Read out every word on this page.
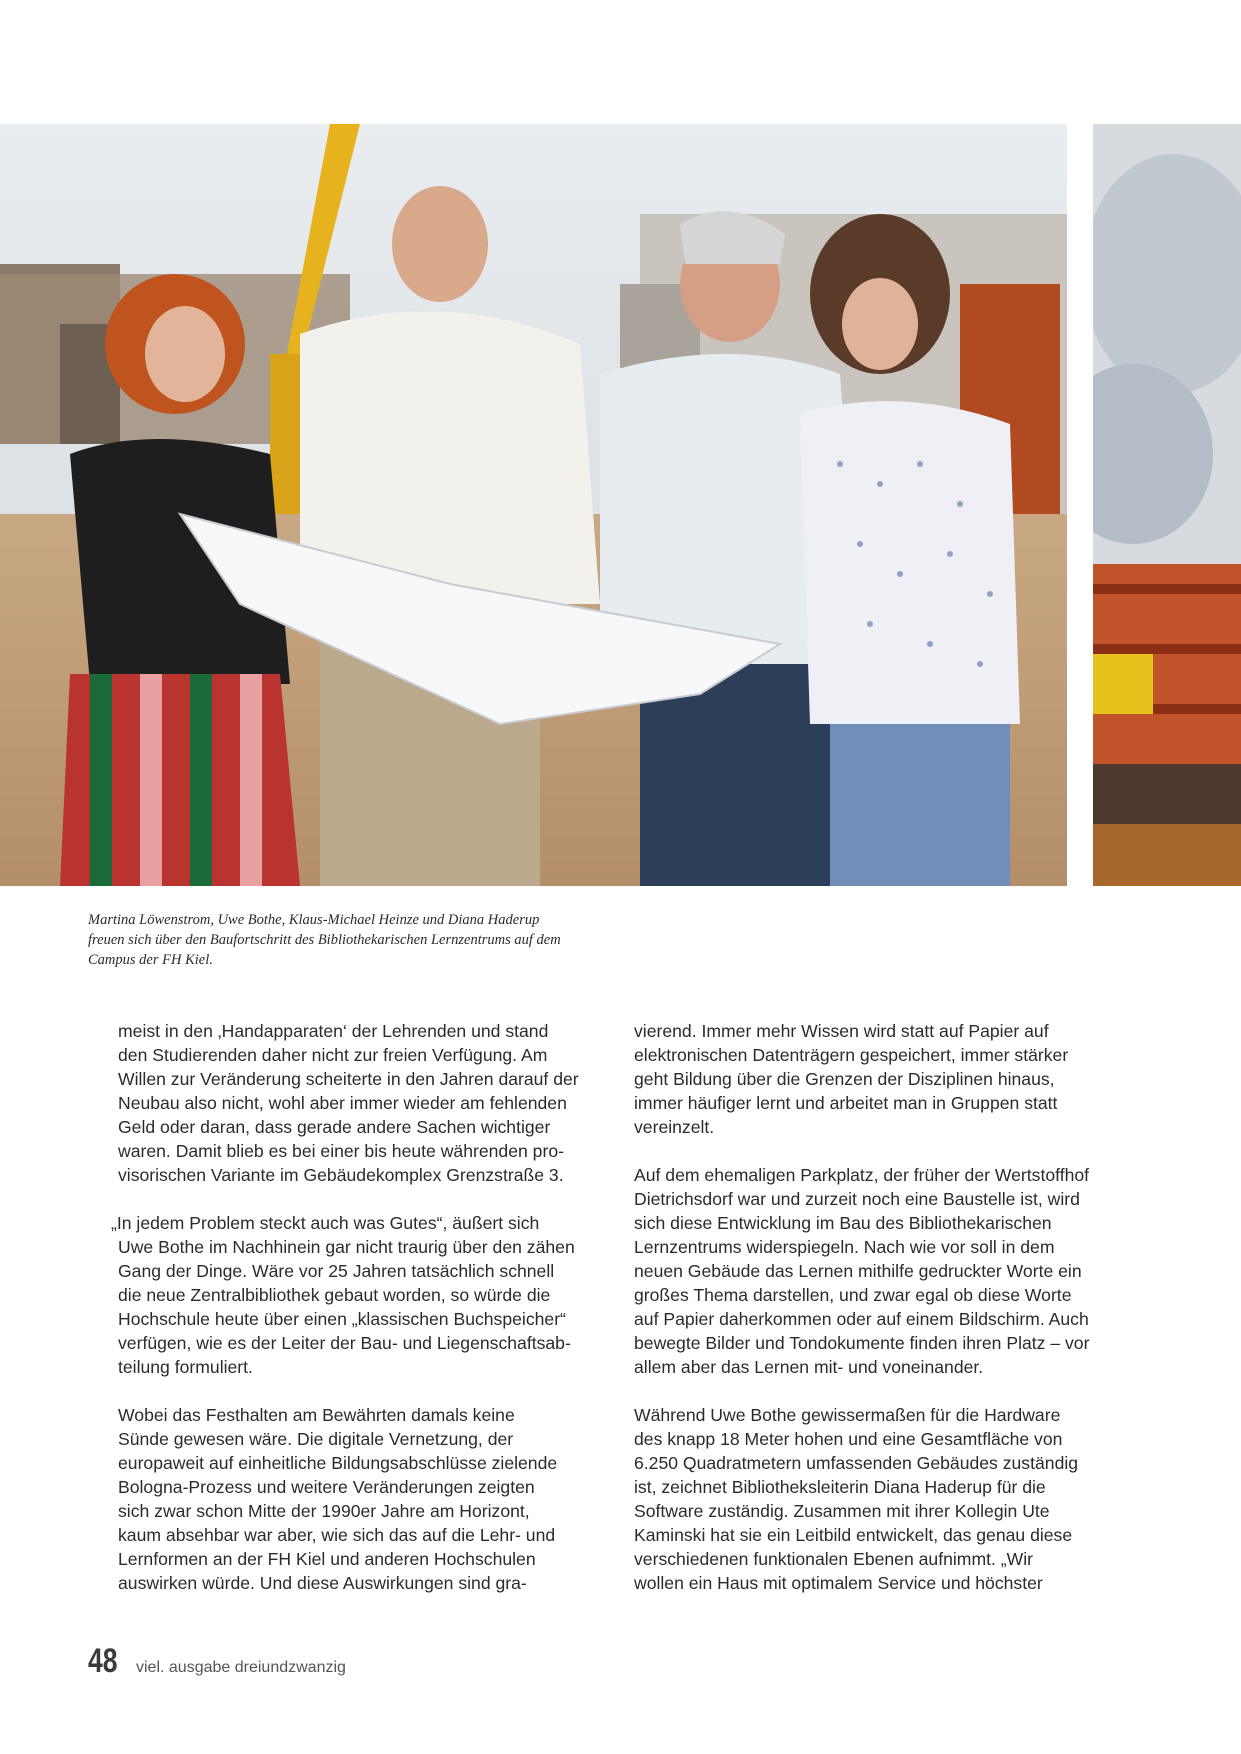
Martina Löwenstrom, Uwe Bothe, Klaus-Michael Heinze und Diana Haderup
freuen sich über den Baufortschritt des Bibliothekarischen Lernzentrums auf dem
Campus der FH Kiel.

meist in den ‚Handapparaten‘ der Lehrenden und stand
den Studierenden daher nicht zur freien Verfügung. Am
Willen zur Veränderung scheiterte in den Jahren darauf der
Neubau also nicht, wohl aber immer wieder am fehlenden
Geld oder daran, dass gerade andere Sachen wichtiger
waren. Damit blieb es bei einer bis heute währenden pro-
visorischen Variante im Gebäudekomplex Grenzstraße 3.

„In jedem Problem steckt auch was Gutes“, äußert sich
Uwe Bothe im Nachhinein gar nicht traurig über den zähen
Gang der Dinge. Wäre vor 25 Jahren tatsächlich schnell
die neue Zentralbibliothek gebaut worden, so würde die
Hochschule heute über einen „klassischen Buchspeicher“
verfügen, wie es der Leiter der Bau- und Liegenschaftsab-
teilung formuliert.

Wobei das Festhalten am Bewährten damals keine
Sünde gewesen wäre. Die digitale Vernetzung, der
europaweit auf einheitliche Bildungsabschlüsse zielende
Bologna-Prozess und weitere Veränderungen zeigten
sich zwar schon Mitte der 1990er Jahre am Horizont,
kaum absehbar war aber, wie sich das auf die Lehr- und
Lernformen an der FH Kiel und anderen Hochschulen
auswirken würde. Und diese Auswirkungen sind gra-

vierend. Immer mehr Wissen wird statt auf Papier auf
elektronischen Datenträgern gespeichert, immer stärker
geht Bildung über die Grenzen der Disziplinen hinaus,
immer häufiger lernt und arbeitet man in Gruppen statt
vereinzelt.

Auf dem ehemaligen Parkplatz, der früher der Wertstoffhof
Dietrichsdorf war und zurzeit noch eine Baustelle ist, wird
sich diese Entwicklung im Bau des Bibliothekarischen
Lernzentrums widerspiegeln. Nach wie vor soll in dem
neuen Gebäude das Lernen mithilfe gedruckter Worte ein
großes Thema darstellen, und zwar egal ob diese Worte
auf Papier daherkommen oder auf einem Bildschirm. Auch
bewegte Bilder und Tondokumente finden ihren Platz – vor
allem aber das Lernen mit- und voneinander.

Während Uwe Bothe gewissermaßen für die Hardware
des knapp 18 Meter hohen und eine Gesamtfläche von
6.250 Quadratmetern umfassenden Gebäudes zuständig
ist, zeichnet Bibliotheksleiterin Diana Haderup für die
Software zuständig. Zusammen mit ihrer Kollegin Ute
Kaminski hat sie ein Leitbild entwickelt, das genau diese
verschiedenen funktionalen Ebenen aufnimmt. „Wir
wollen ein Haus mit optimalem Service und höchster

48 viel. ausgabe dreiundzwanzig
